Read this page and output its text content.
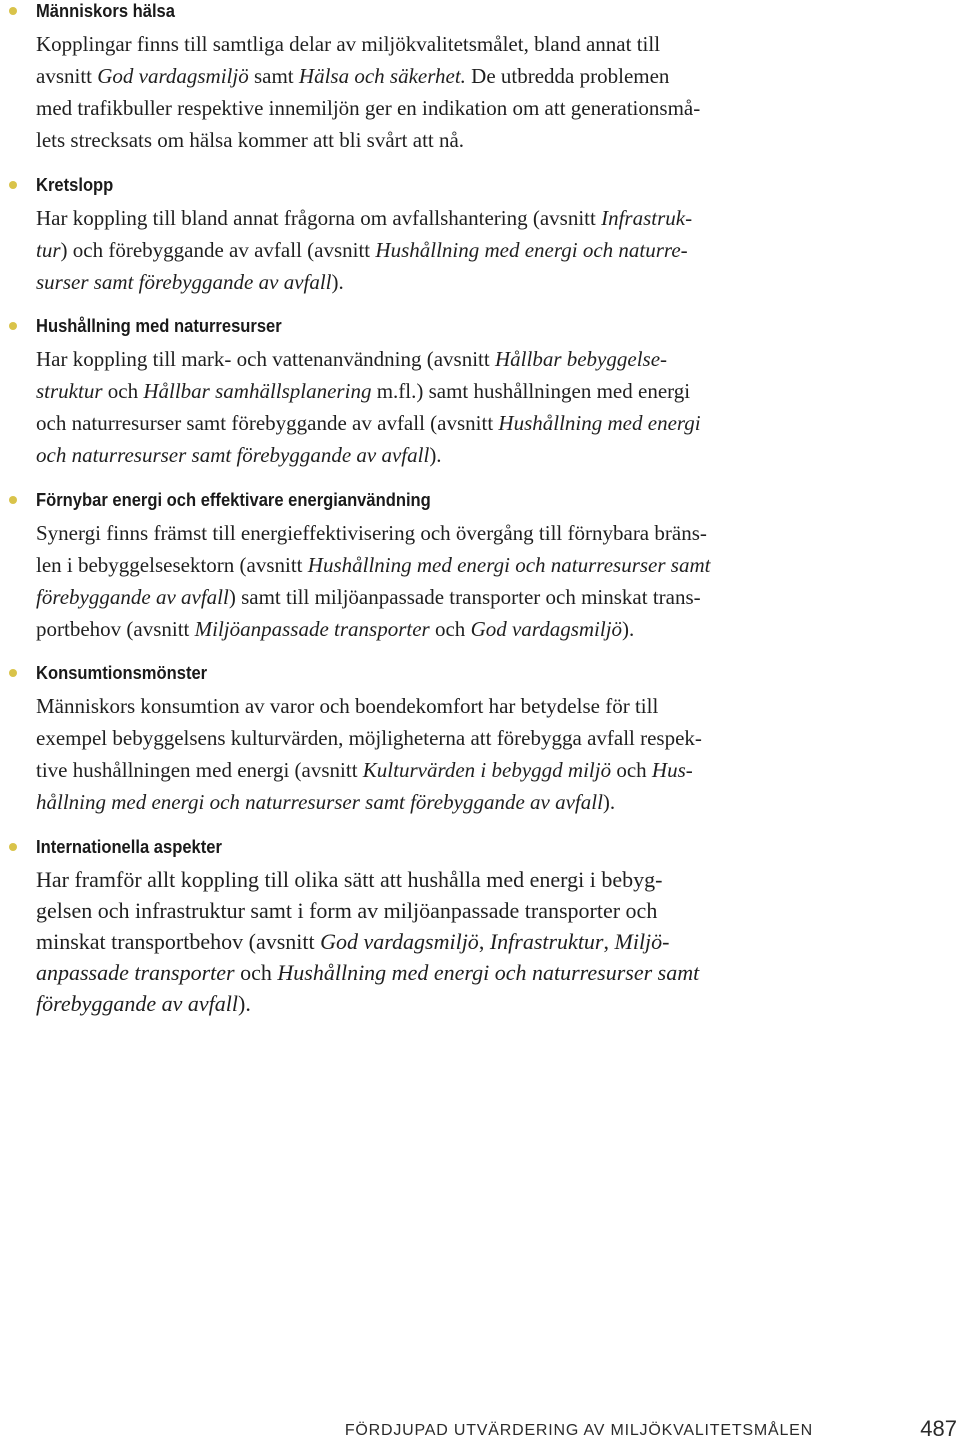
Människors hälsa

Kopplingar finns till samtliga delar av miljökvalitetsmålet, bland annat till
avsnitt God vardagsmiljö samt Hälsa och säkerhet. De utbredda problemen
med trafikbuller respektive innemiljön ger en indikation om att generationsmå-
lets strecksats om hälsa kommer att bli svårt att nå.

Kretslopp

Har koppling till bland annat frågorna om avfallshantering (avsnitt Infrastruk-
tur) och förebyggande av avfall (avsnitt Hushållning med energi och naturre-
surser samt förebyggande av avfall).

Hushållning med naturresurser

Har koppling till mark- och vattenanvändning (avsnitt Hållbar bebyggelse-
struktur och Hållbar samhällsplanering m.fl.) samt hushållningen med energi
och naturresurser samt förebyggande av avfall (avsnitt Hushållning med energi
och naturresurser samt förebyggande av avfall).

Förnybar energi och effektivare energianvändning

Synergi finns främst till energieffektivisering och övergång till förnybara bräns-
len i bebyggelsesektorn (avsnitt Hushållning med energi och naturresurser samt
förebyggande av avfall) samt till miljöanpassade transporter och minskat trans-
portbehov (avsnitt Miljöanpassade transporter och God vardagsmiljö).

Konsumtionsmönster

Människors konsumtion av varor och boendekomfort har betydelse för till
exempel bebyggelsens kulturvärden, möjligheterna att förebygga avfall respek-
tive hushållningen med energi (avsnitt Kulturvärden i bebyggd miljö och Hus-
hållning med energi och naturresurser samt förebyggande av avfall).

Internationella aspekter

Har framför allt koppling till olika sätt att hushålla med energi i bebyg-
gelsen och infrastruktur samt i form av miljöanpassade transporter och
minskat transportbehov (avsnitt God vardagsmiljö, Infrastruktur, Miljö-
anpassade transporter och Hushållning med energi och naturresurser samt
förebyggande av avfall).

FÖRDJUPAD UTVÄRDERING AV MILJÖKVALITETSMÅLEN	487
